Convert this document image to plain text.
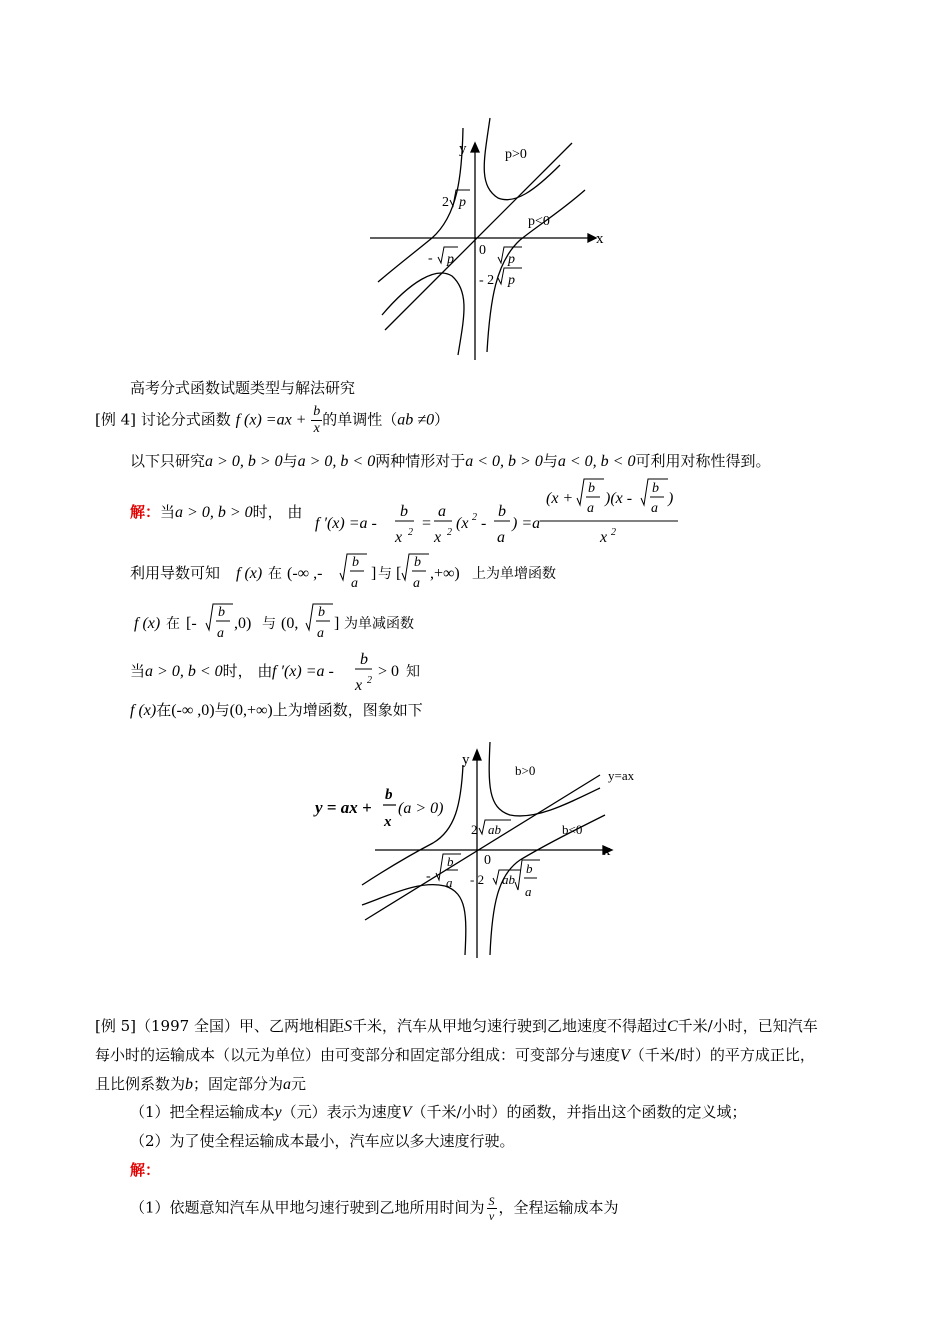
y
x
0
p>0
p<0
2 p
- p	p
- 2 p
高考分式函数试题类型与解法研究
[例 4] 讨论分式函数 f $(x) =ax + \frac{b}{x}$ 的单调性（ab ≠0）
以下只研究a > 0, b > 0与a > 0, b < 0两种情形对于a < 0, b > 0与a < 0, b < 0可利用对称性得到。
解：当a > 0, b > 0时， 由
f ′(x) =a -
b
x 2
=
a
x 2
(x 2 -
b
a
) =a
(x +
b
a
)(x -
b
a
)
x 2
利用导数可知 f (x) 在 (-∞ ,-
b
a
] 与 [
b
a
,+∞) 上为单增函数
f (x) 在 [-
b
a
,0) 与 (0,
b
a
] 为单减函数
当a > 0, b < 0时， 由 f ′(x) =a -
b
x 2
> 0 知
f (x)在(-∞ ,0)与(0,+∞)上为增函数，图象如下
y
x
0
b>0
b<0
y=ax
y = ax +
b
x
(a > 0)
2 ab
-
b
a - 2 ab
b
a
[例 5]（1997 全国）甲、乙两地相距S千米，汽车从甲地匀速行驶到乙地速度不得超过C千米/小时，已知汽车
每小时的运输成本（以元为单位）由可变部分和固定部分组成：可变部分与速度V（千米/时）的平方成正比，
且比例系数为b；固定部分为a元
（1）把全程运输成本y（元）表示为速度V（千米/小时）的函数，并指出这个函数的定义域；
（2）为了使全程运输成本最小，汽车应以多大速度行驶。
解：
（1）依题意知汽车从甲地匀速行驶到乙地所用时间为 $\frac{S}{v}$ ，全程运输成本为
